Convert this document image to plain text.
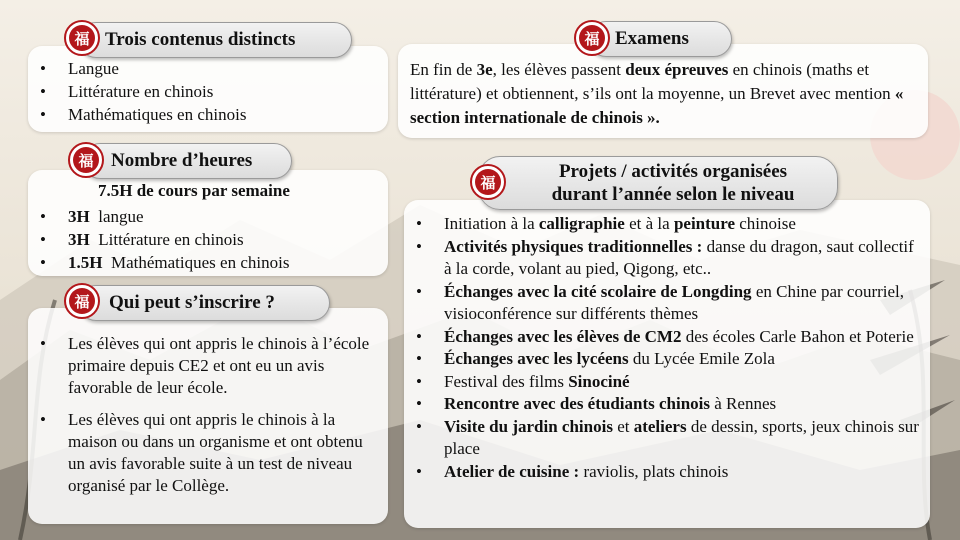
• Langue
• Littérature en chinois
• Mathématiques en chinois
Trois contenus distincts
福
7.5H de cours par semaine
• 3H langue
• 3H Littérature en chinois
• 1.5H Mathématiques en chinois
Nombre d’heures
福
• Les élèves qui ont appris le chinois à l’école primaire depuis CE2 et ont eu un avis favorable de leur école.
• Les élèves qui ont appris le chinois à la maison ou dans un organisme et ont obtenu un avis favorable suite à un test de niveau organisé par le Collège.
Qui peut s’inscrire ?
福

En fin de 3e, les élèves passent deux épreuves en chinois (maths et littérature) et obtiennent, s’ils ont la moyenne, un Brevet avec mention « section internationale de chinois ».

Examens
福
• Initiation à la calligraphie et à la peinture chinoise
• Activités physiques traditionnelles : danse du dragon, saut collectif à la corde, volant au pied, Qigong, etc..
• Échanges avec la cité scolaire de Longding en Chine par courriel, visioconférence sur différents thèmes
• Échanges avec les élèves de CM2 des écoles Carle Bahon et Poterie
• Échanges avec les lycéens du Lycée Emile Zola
• Festival des films Sinociné
• Rencontre avec des étudiants chinois à Rennes
• Visite du jardin chinois et ateliers de dessin, sports, jeux chinois sur place
• Atelier de cuisine : raviolis, plats chinois
Projets / activités organisées
durant l’année selon le niveau
福
